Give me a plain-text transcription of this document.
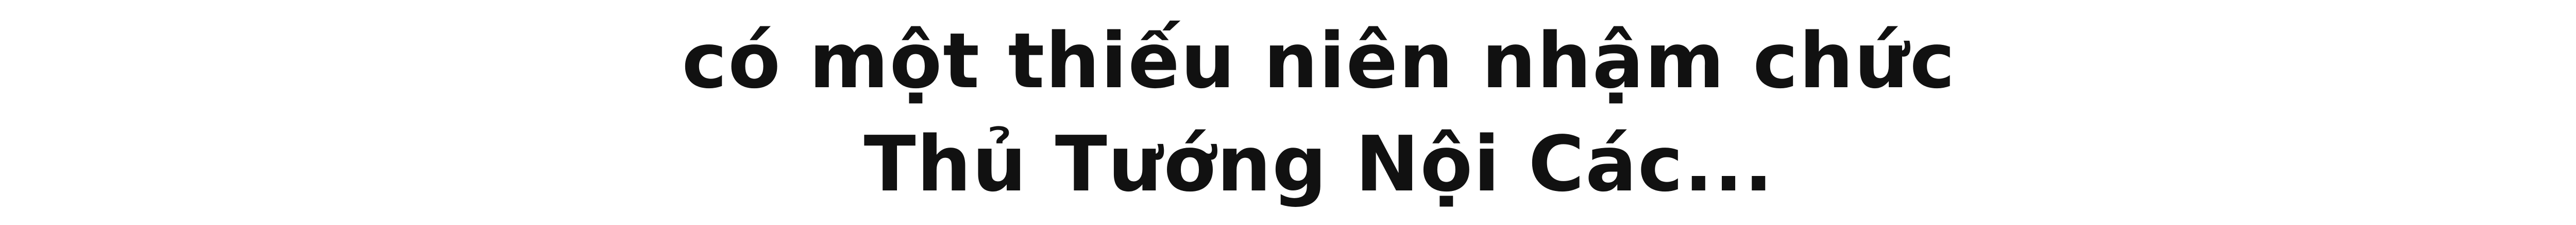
có một thiếu niên nhậm chức
Thủ Tướng Nội Các...
